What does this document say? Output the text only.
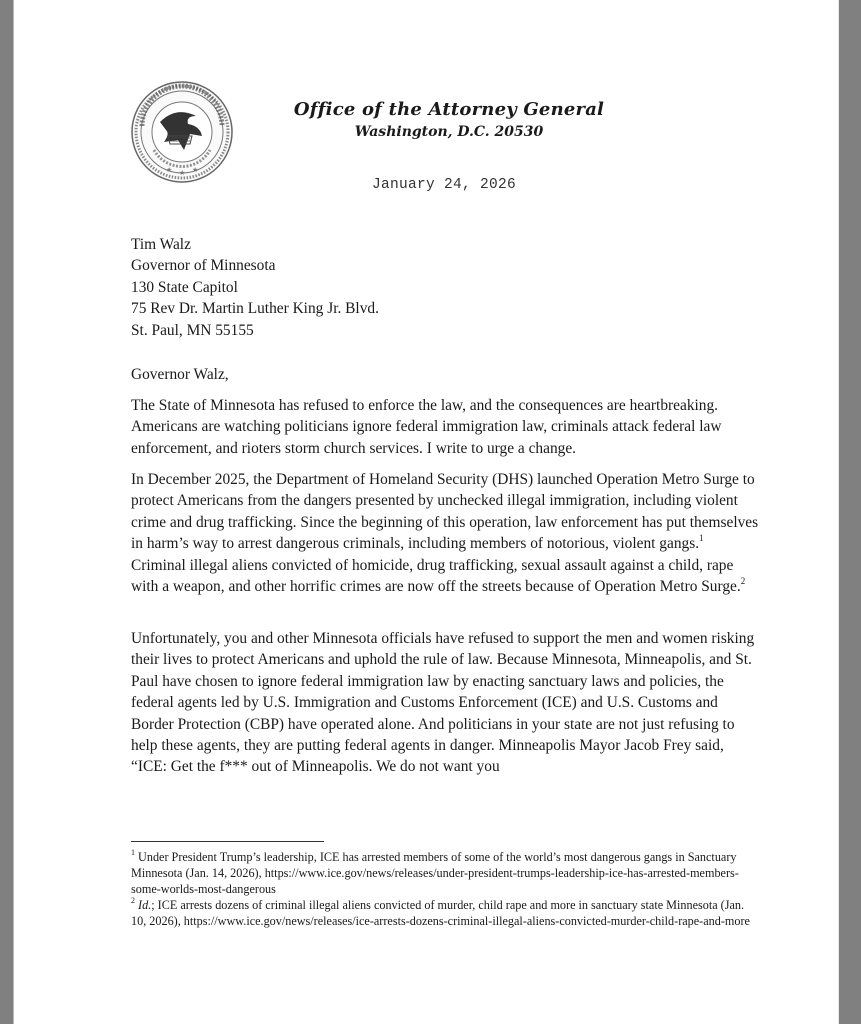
★ ★ ★
Office of the Attorney General
Washington, D.C. 20530
January 24, 2026
Tim Walz
Governor of Minnesota
130 State Capitol
75 Rev Dr. Martin Luther King Jr. Blvd.
St. Paul, MN 55155
Governor Walz,

The State of Minnesota has refused to enforce the law, and the consequences are heartbreaking. Americans are watching politicians ignore federal immigration law, criminals attack federal law enforcement, and rioters storm church services. I write to urge a change.

In December 2025, the Department of Homeland Security (DHS) launched Operation Metro Surge to protect Americans from the dangers presented by unchecked illegal immigration, including violent crime and drug trafficking. Since the beginning of this operation, law enforcement has put themselves in harm’s way to arrest dangerous criminals, including members of notorious, violent gangs.$^1$ Criminal illegal aliens convicted of homicide, drug trafficking, sexual assault against a child, rape with a weapon, and other horrific crimes are now off the streets because of Operation Metro Surge.$^2$

Unfortunately, you and other Minnesota officials have refused to support the men and women risking their lives to protect Americans and uphold the rule of law. Because Minnesota, Minneapolis, and St. Paul have chosen to ignore federal immigration law by enacting sanctuary laws and policies, the federal agents led by U.S. Immigration and Customs Enforcement (ICE) and U.S. Customs and Border Protection (CBP) have operated alone. And politicians in your state are not just refusing to help these agents, they are putting federal agents in danger. Minneapolis Mayor Jacob Frey said, “ICE: Get the f*** out of Minneapolis. We do not want you

$^1$ Under President Trump’s leadership, ICE has arrested members of some of the world’s most dangerous gangs in Sanctuary Minnesota (Jan. 14, 2026), https://www.ice.gov/news/releases/under-president-trumps-leadership-ice-has-arrested-members-some-worlds-most-dangerous

$^2$ Id.; ICE arrests dozens of criminal illegal aliens convicted of murder, child rape and more in sanctuary state Minnesota (Jan. 10, 2026), https://www.ice.gov/news/releases/ice-arrests-dozens-criminal-illegal-aliens-convicted-murder-child-rape-and-more
